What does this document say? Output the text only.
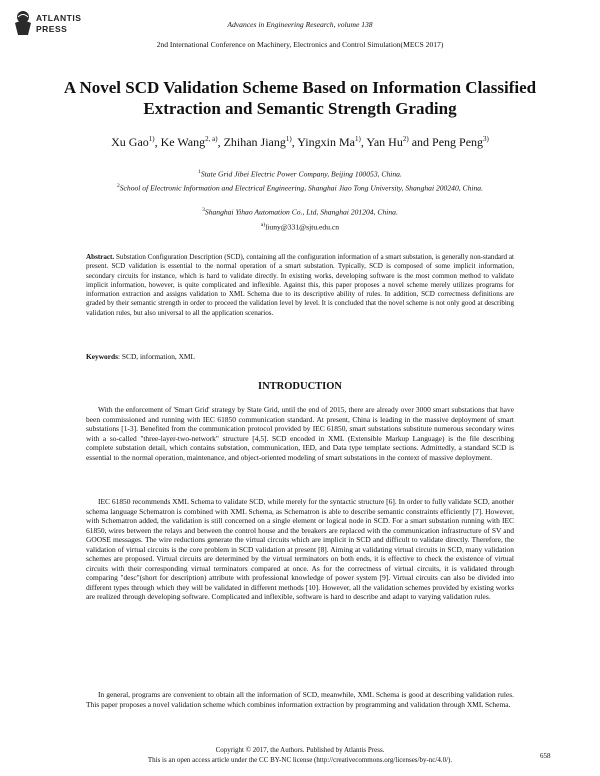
ATLANTIS
PRESS	Advances in Engineering Research, volume 138
2nd International Conference on Machinery, Electronics and Control Simulation(MECS 2017)
A Novel SCD Validation Scheme Based on Information Classified Extraction and Semantic Strength Grading
Xu Gao$^{1)}$, Ke Wang$^{2, a)}$, Zhihan Jiang$^{1)}$, Yingxin Ma$^{1)}$, Yan Hu$^{2)}$ and Peng Peng$^{3)}$
$^1$State Grid Jibei Electric Power Company, Beijing 100053, China.
$^2$School of Electronic Information and Electrical Engineering, Shanghai Jiao Tong University, Shanghai 200240, China.
$^3$Shanghai Yihao Automation Co., Ltd, Shanghai 201204, China.
$^{a)}$liuny@331@sjtu.edu.cn
Abstract. Substation Configuration Description (SCD), containing all the configuration information of a smart substation, is generally non-standard at present. SCD validation is essential to the normal operation of a smart substation. Typically, SCD is composed of some implicit information, secondary circuits for instance, which is hard to validate directly. In existing works, developing software is the most common method to validate implicit information, however, is quite complicated and inflexible. Against this, this paper proposes a novel scheme merely utilizes programs for information extraction and assigns validation to XML Schema due to its descriptive ability of rules. In addition, SCD correctness definitions are graded by their semantic strength in order to proceed the validation level by level. It is concluded that the novel scheme is not only good at describing validation rules, but also universal to all the application scenarios.
Keywords: SCD, information, XML
INTRODUCTION

With the enforcement of 'Smart Grid' strategy by State Grid, until the end of 2015, there are already over 3000 smart substations that have been commissioned and running with IEC 61850 communication standard. At present, China is leading in the massive deployment of smart substations [1-3]. Benefited from the communication protocol provided by IEC 61850, smart substations substitute numerous secondary wires with a so-called "three-layer-two-network" structure [4,5]. SCD encoded in XML (Extensible Markup Language) is the file describing complete substation detail, which contains substation, communication, IED, and Data type template sections. Admittedly, a standard SCD is essential to the normal operation, maintenance, and object-oriented modeling of smart substations in the context of massive deployment.

IEC 61850 recommends XML Schema to validate SCD, while merely for the syntactic structure [6]. In order to fully validate SCD, another schema language Schematron is combined with XML Schema, as Schematron is able to describe semantic constraints efficiently [7]. However, with Schematron added, the validation is still concerned on a single element or logical node in SCD. For a smart substation running with IEC 61850, wires between the relays and between the control house and the breakers are replaced with the communication infrastructure of SV and GOOSE messages. The wire reductions generate the virtual circuits which are implicit in SCD and difficult to validate directly. Therefore, the validation of virtual circuits is the core problem in SCD validation at present [8]. Aiming at validating virtual circuits in SCD, many validation schemes are proposed. Virtual circuits are determined by the virtual terminators on both ends, it is effective to check the existence of virtual circuits with their corresponding virtual terminators compared at once. As for the correctness of virtual circuits, it is validated through comparing "desc"(short for description) attribute with professional knowledge of power system [9]. Virtual circuits can also be divided into different types through which they will be validated in different methods [10]. However, all the validation schemes provided by existing works are realized through developing software. Complicated and inflexible, software is hard to describe and adapt to varying validation rules.

In general, programs are convenient to obtain all the information of SCD, meanwhile, XML Schema is good at describing validation rules. This paper proposes a novel validation scheme which combines information extraction by programming and validation through XML Schema.

Copyright © 2017, the Authors. Published by Atlantis Press.
This is an open access article under the CC BY-NC license (http://creativecommons.org/licenses/by-nc/4.0/).	658
